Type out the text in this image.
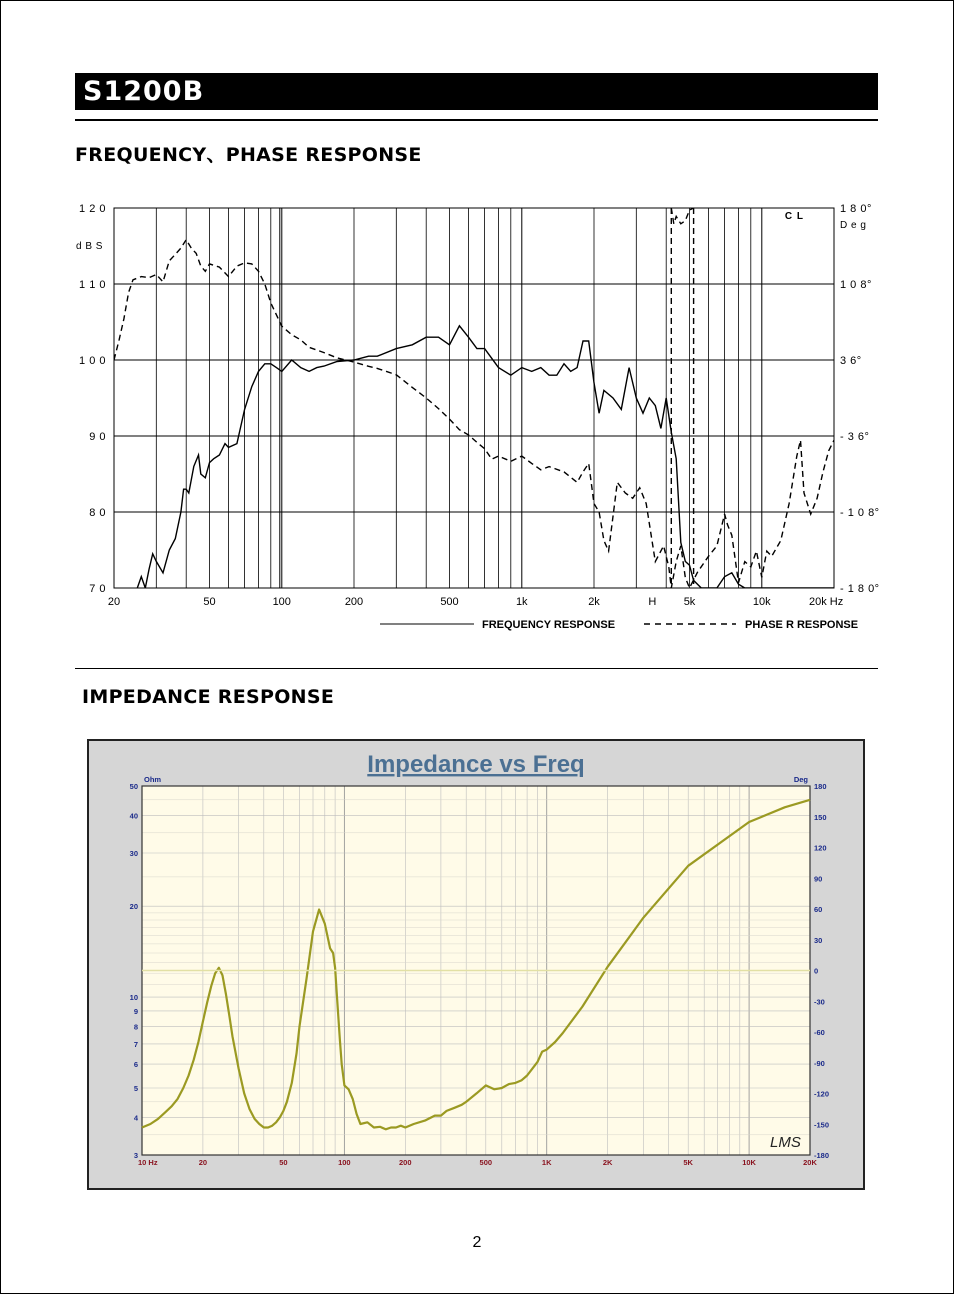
S1200B
FREQUENCY、PHASE RESPONSE
7 0
8 0
9 0
1 0 0
1 1 0
1 2 0
d B S
1 8 0°
1 0 8°
3 6°
- 3 6°
- 1 0 8°
- 1 8 0°
D e g
20	50	100	200	500	1k	2k	5k	10k	20k Hz
H
C L
FREQUENCY RESPONSE	PHASE R RESPONSE
IMPEDANCE RESPONSE
Impedance vs Freq
3
4
5
6
7
8
9
10
20
30
40
50
Ohm
180
150
120
90
60
30
0
-30
-60
-90
-120
-150
-180
Deg
10 Hz	20	50	100	200	500	1K	2K	5K	10K	20K
LMS
2
